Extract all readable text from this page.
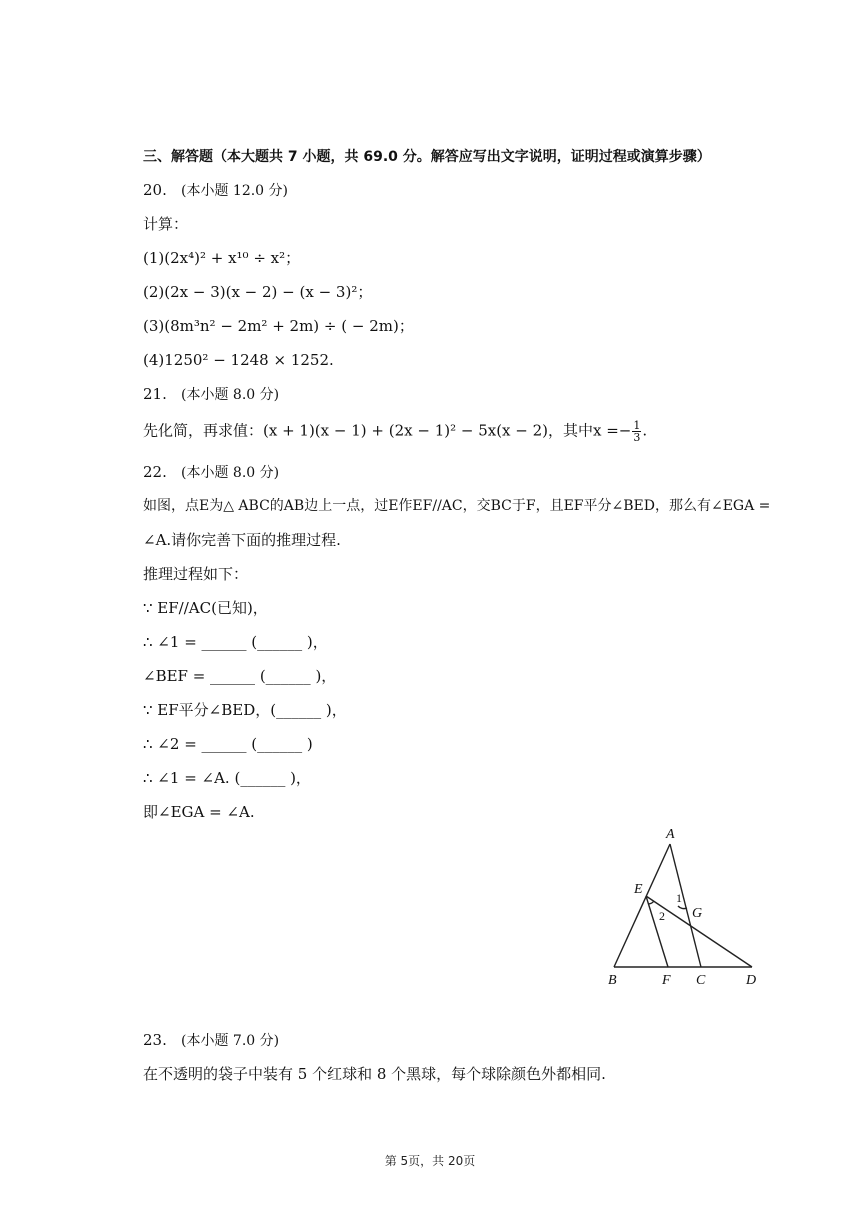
三、解答题（本大题共 7 小题，共 69.0 分。解答应写出文字说明，证明过程或演算步骤）
20. (本小题 12.0 分)
计算：
(1)(2x⁴)² + x¹⁰ ÷ x²；
(2)(2x − 3)(x − 2) − (x − 3)²；
(3)(8m³n² − 2m² + 2m) ÷ ( − 2m)；
(4)1250² − 1248 × 1252.
21. (本小题 8.0 分)
先化简，再求值：(x + 1)(x − 1) + (2x − 1)² − 5x(x − 2)，其中$x =- \frac{1}{3}$ .
22. (本小题 8.0 分)
如图，点E为△ ABC的AB边上一点，过E作EF//AC，交BC于F，且EF平分∠BED，那么有∠EGA =
∠A.请你完善下面的推理过程.
推理过程如下：
∵ EF//AC(已知)，
∴ ∠1 = ______ (______ )，
∠BEF = ______ (______ )，
∵ EF平分∠BED，(______ )，
∴ ∠2 = ______ (______ )
∴ ∠1 = ∠A. (______ )，
即∠EGA = ∠A.
A
E
G
B	F C	D
1
2
23. (本小题 7.0 分)
在不透明的袋子中装有 5 个红球和 8 个黑球，每个球除颜色外都相同.
第 5页，共 20页
